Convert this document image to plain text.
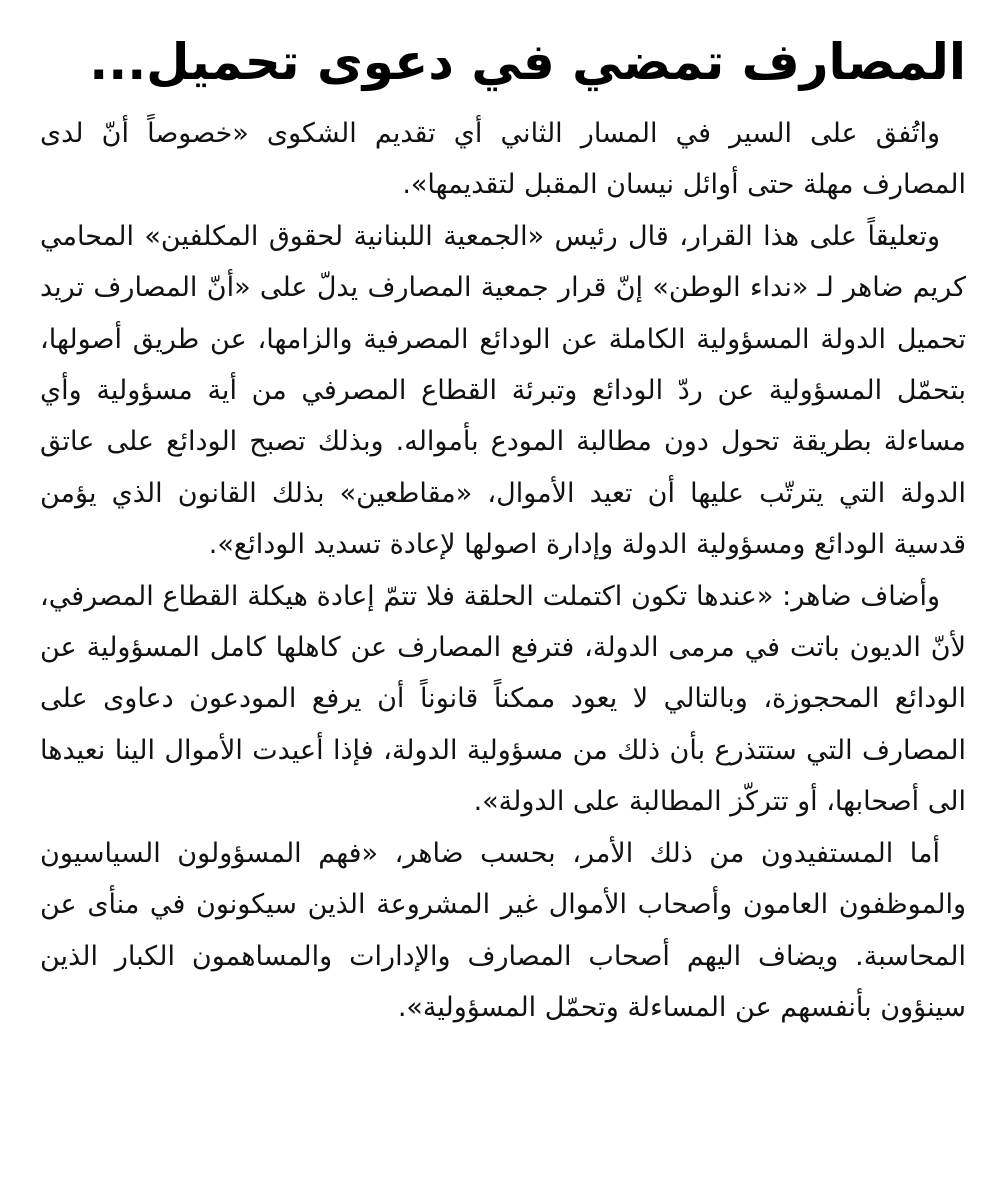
المصارف تمضي في دعوى تحميل...

واتُفق على السير في المسار الثاني أي تقديم الشكوى «خصوصاً أنّ لدى المصارف مهلة حتى أوائل نيسان المقبل لتقديمها».

وتعليقاً على هذا القرار، قال رئيس «الجمعية اللبنانية لحقوق المكلفين» المحامي كريم ضاهر لـ «نداء الوطن» إنّ قرار جمعية المصارف يدلّ على «أنّ المصارف تريد تحميل الدولة المسؤولية الكاملة عن الودائع المصرفية والزامها، عن طريق أصولها، بتحمّل المسؤولية عن ردّ الودائع وتبرئة القطاع المصرفي من أية مسؤولية وأي مساءلة بطريقة تحول دون مطالبة المودع بأمواله. وبذلك تصبح الودائع على عاتق الدولة التي يترتّب عليها أن تعيد الأموال، «مقاطعين» بذلك القانون الذي يؤمن قدسية الودائع ومسؤولية الدولة وإدارة اصولها لإعادة تسديد الودائع».

وأضاف ضاهر: «عندها تكون اكتملت الحلقة فلا تتمّ إعادة هيكلة القطاع المصرفي، لأنّ الديون باتت في مرمى الدولة، فترفع المصارف عن كاهلها كامل المسؤولية عن الودائع المحجوزة، وبالتالي لا يعود ممكناً قانوناً أن يرفع المودعون دعاوى على المصارف التي ستتذرع بأن ذلك من مسؤولية الدولة، فإذا أعيدت الأموال الينا نعيدها الى أصحابها، أو تتركّز المطالبة على الدولة».

أما المستفيدون من ذلك الأمر، بحسب ضاهر، «فهم المسؤولون السياسيون والموظفون العامون وأصحاب الأموال غير المشروعة الذين سيكونون في منأى عن المحاسبة. ويضاف اليهم أصحاب المصارف والإدارات والمساهمون الكبار الذين سينؤون بأنفسهم عن المساءلة وتحمّل المسؤولية».
